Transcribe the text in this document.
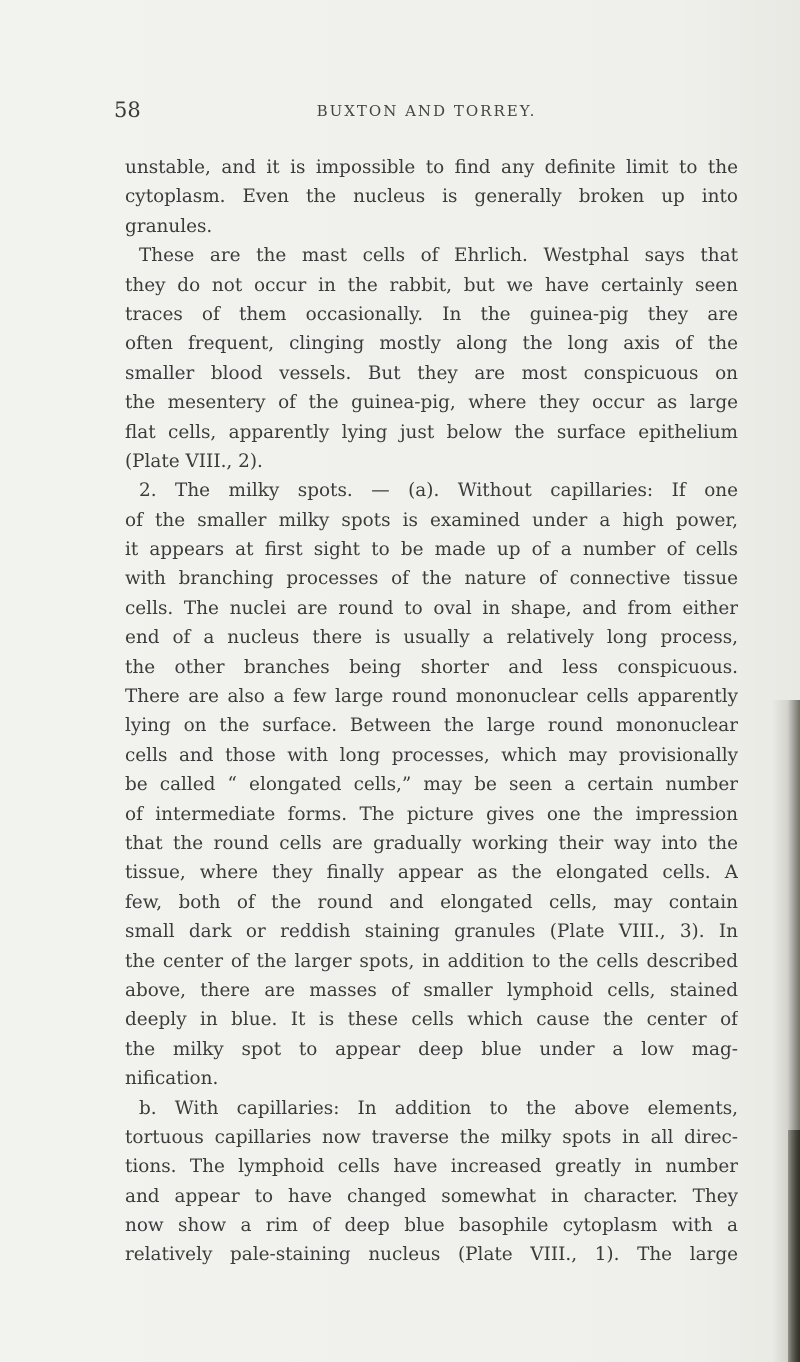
58	BUXTON AND TORREY.
unstable, and it is impossible to find any definite limit to the
cytoplasm. Even the nucleus is generally broken up into
granules.
These are the mast cells of Ehrlich. Westphal says that
they do not occur in the rabbit, but we have certainly seen
traces of them occasionally. In the guinea-pig they are
often frequent, clinging mostly along the long axis of the
smaller blood vessels. But they are most conspicuous on
the mesentery of the guinea-pig, where they occur as large
flat cells, apparently lying just below the surface epithelium
(Plate VIII., 2).
2. The milky spots. — (a). Without capillaries: If one
of the smaller milky spots is examined under a high power,
it appears at first sight to be made up of a number of cells
with branching processes of the nature of connective tissue
cells. The nuclei are round to oval in shape, and from either
end of a nucleus there is usually a relatively long process,
the other branches being shorter and less conspicuous.
There are also a few large round mononuclear cells apparently
lying on the surface. Between the large round mononuclear
cells and those with long processes, which may provisionally
be called “ elongated cells,” may be seen a certain number
of intermediate forms. The picture gives one the impression
that the round cells are gradually working their way into the
tissue, where they finally appear as the elongated cells. A
few, both of the round and elongated cells, may contain
small dark or reddish staining granules (Plate VIII., 3). In
the center of the larger spots, in addition to the cells described
above, there are masses of smaller lymphoid cells, stained
deeply in blue. It is these cells which cause the center of
the milky spot to appear deep blue under a low mag-
nification.
b. With capillaries: In addition to the above elements,
tortuous capillaries now traverse the milky spots in all direc-
tions. The lymphoid cells have increased greatly in number
and appear to have changed somewhat in character. They
now show a rim of deep blue basophile cytoplasm with a
relatively pale-staining nucleus (Plate VIII., 1). The large
